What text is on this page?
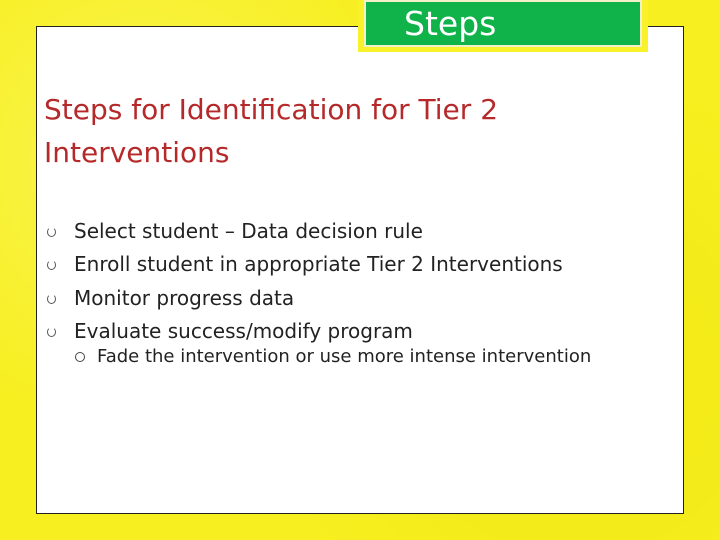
Steps
Steps for Identification for Tier 2 Interventions
Select student – Data decision rule
Enroll student in appropriate Tier 2 Interventions
Monitor progress data
Evaluate success/modify program
Fade the intervention or use more intense intervention
